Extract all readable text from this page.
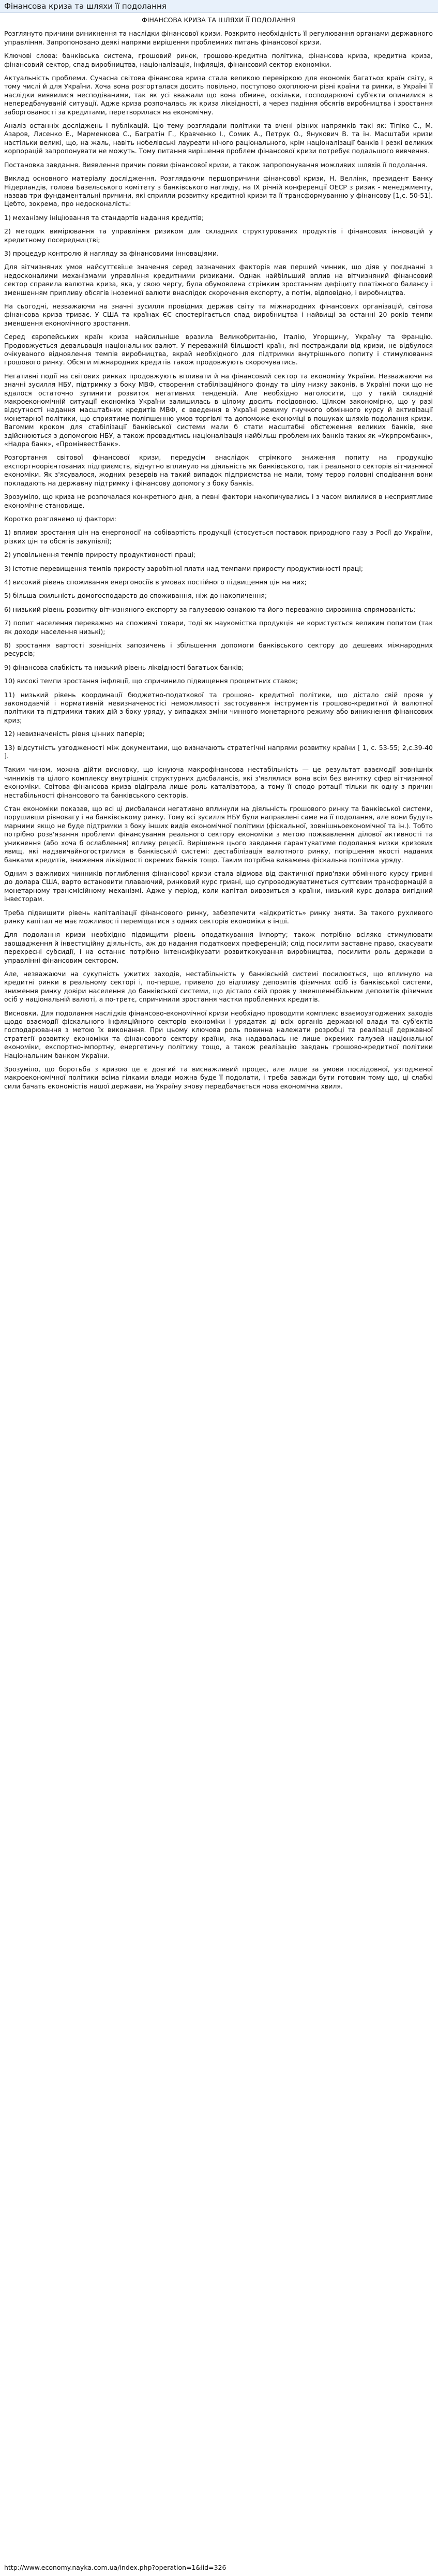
Фінансова криза та шляхи її подолання
ФІНАНСОВА КРИЗА ТА ШЛЯХИ ЇЇ ПОДОЛАННЯ

Розглянуто причини виникнення та наслідки фінансової кризи. Розкрито необхідність її регулювання органами державного управління. Запропоновано деякі напрями вирішення проблемних питань фінансової кризи.

Ключові слова: банківська система, грошовий ринок, грошово-кредитна політика, фінансова криза, кредитна криза, фінансовий сектор, спад виробництва, націоналізація, інфляція, фінансовий сектор економіки.

Актуальність проблеми. Сучасна світова фінансова криза стала великою перевіркою для економік багатьох країн світу, в тому числі й для України. Хоча вона розгорталася досить повільно, поступово охоплюючи різні країни та ринки, в Україні її наслідки виявилися несподіваними, так як усі вважали що вона обмине, оскільки, господарюючі суб'єкти опинилися в непередбачуваній ситуації. Адже криза розпочалась як криза ліквідності, а через падіння обсягів виробництва і зростання заборгованості за кредитами, перетворилася на економічну.

Аналіз останніх досліджень і публікацій. Цю тему розглядали політики та вчені різних напрямків такі як: Тіпіко С., М. Азаров, Лисенко Е., Марменкова С., Багратін Г., Кравченко І., Сомик А., Петрук О., Янукович В. та ін. Масштаби кризи настільки великі, що, на жаль, навіть нобелівські лауреати нічого раціонального, крім націоналізації банків і резкі великих корпорацій запропонувати не можуть. Тому питання вирішення проблем фінансової кризи потребує подальшого вивчення.

Постановка завдання. Виявлення причин появи фінансової кризи, а також запропонування можливих шляхів її подолання.

Виклад основного матеріалу дослідження. Розглядаючи першопричини фінансової кризи, Н. Веллінк, президент Банку Нідерландів, голова Базельського комітету з банківського нагляду, на IX річній конференції ОЕСР з ризик - менеджменту, назвав три фундаментальні причини, які сприяли розвитку кредитної кризи та її трансформуванню у фінансову [1,с. 50-51]. Цебто, зокрема, про недосконалість:

1) механізму ініціювання та стандартів надання кредитів;

2) методик вимірювання та управління ризиком для складних структурованих продуктів і фінансових інновацій у кредитному посередництві;

3) процедур контролю й нагляду за фінансовими інноваціями.

Для вітчизняних умов найсуттєвіше значення серед зазначених факторів мав перший чинник, що діяв у поєднанні з недосконалими механізмами управління кредитними ризиками. Однак найбільший вплив на вітчизняний фінансовий сектор справила валютна криза, яка, у свою чергу, була обумовлена стрімким зростанням дефіциту платіжного балансу і зменшенням припливу обсягів іноземної валюти внаслідок скорочення експорту, а потім, відповідно, і виробництва.

На сьогодні, незважаючи на значні зусилля провідних держав світу та міжнародних фінансових організацій, світова фінансова криза триває. У США та країнах ЄС спостерігається спад виробництва і найвищі за останні 20 років темпи зменшення економічного зростання.

Серед європейських країн криза найсильніше вразила Великобританію, Італію, Угорщину, Україну та Францію. Продовжується девальвація національних валют. У переважній більшості країн, які постраждали від кризи, не відбулося очікуваного відновлення темпів виробництва, вкрай необхідного для підтримки внутрішнього попиту і стимулювання грошового ринку. Обсяги міжнародних кредитів також продовжують скорочуватись.

Негативні події на світових ринках продовжують впливати й на фінансовий сектор та економіку України. Незважаючи на значні зусилля НБУ, підтримку з боку МВФ, створення стабілізаційного фонду та цілу низку законів, в Україні поки що не вдалося остаточно зупинити розвиток негативних тенденцій. Але необхідно наголосити, що у такій складній макроекономічній ситуації економіка України залишилась в цілому досить посідовною. Цілком закономірно, що у разі відсутності надання масштабних кредитів МВФ, є введення в Україні режиму гнучкого обмінного курсу й активізації монетарної політики, що сприятиме поліпшенню умов торгівлі та допоможе економіці в пошуках шляхів подолання кризи. Вагомим кроком для стабілізації банківської системи мали б стати масштабні обстеження великих банків, яке здійснюються з допомогою НБУ, а також провадитись націоналізація найбільш проблемних банків таких як «Укрпромбанк», «Надра банк», «Промінвестбанк».

Розгортання світової фінансової кризи, передусім внаслідок стрімкого зниження попиту на продукцію експортноорієнтованих підприємств, відчутно вплинуло на діяльність як банківського, так і реального секторів вітчизняної економіки. Як з'ясувалося, жодних резервів на такий випадок підприємства не мали, тому терор головні сподівання вони покладають на державну підтримку і фінансову допомогу з боку банків.

Зрозуміло, що криза не розпочалася конкретного дня, а певні фактори накопичувались і з часом вилилися в несприятливе економічне становище.

Коротко розглянемо ці фактори:

1) впливи зростання цін на енергоносії на собівартість продукції (стосується поставок природного газу з Росії до України, різких цін та обсягів закупівлі);

2) уповільнення темпів приросту продуктивності праці;

3) істотне перевищення темпів приросту заробітної плати над темпами приросту продуктивності праці;

4) високий рівень споживання енергоносіїв в умовах постійного підвищення цін на них;

5) більша схильність домогосподарств до споживання, ніж до накопичення;

6) низький рівень розвитку вітчизняного експорту за галузевою ознакою та його переважно сировинна спрямованість;

7) попит населення переважно на споживчі товари, тоді як наукомістка продукція не користується великим попитом (так як доходи населення низькі);

8) зростання вартості зовнішніх запозичень і збільшення допомоги банківського сектору до дешевих міжнародних ресурсів;

9) фінансова слабкість та низький рівень ліквідності багатьох банків;

10) високі темпи зростання інфляції, що спричинило підвищення процентних ставок;

11) низький рівень координації бюджетно-податкової та грошово- кредитної політики, що дістало свій прояв у законодавчій і нормативній невизначеностісі неможливості застосування інструментів грошово-кредитної й валютної політики та підтримки таких дій з боку уряду, у випадках зміни чинного монетарного режиму або виникнення фінансових криз;

12) невизначеність рівня цінних паперів;

13) відсутність узгодженості між документами, що визначають стратегічні напрями розвитку країни [ 1, с. 53-55; 2,с.39-40 ].

Таким чином, можна дійти висновку, що існуюча макрофінансова нестабільність — це результат взаємодії зовнішніх чинників та цілого комплексу внутрішніх структурних дисбалансів, які з'являлися вона всім без винятку сфер вітчизняної економіки. Світова фінансова криза відіграла лише роль каталізатора, а тому її сподо ротації тільки як одну з причин нестабільності фінансового та банківського секторів.

Стан економіки показав, що всі ці дисбаланси негативно вплинули на діяльність грошового ринку та банківської системи, порушивши рівновагу і на банківському ринку. Тому всі зусилля НБУ були направлені саме на її подолання, але вони будуть марними якщо не буде підтримки з боку інших видів економічної політики (фіскальної, зовнішньоекономічної та ін.). Тобто потрібно розв'язання проблеми фінансування реального сектору економіки з метою пожвавлення ділової активності та уникнення (або хоча б ослаблення) впливу рецесії. Вирішення цього завдання гарантуватиме подолання низки кризових явищ, які надзвичайногострилися в банківській системі: дестабілізація валютного ринку, погіршення якості наданих банками кредитів, зниження ліквідності окремих банків тощо. Таким потрібна виважена фіскальна політика уряду.

Одним з важливих чинників поглиблення фінансової кризи стала відмова від фактичної прив'язки обмінного курсу гривні до долара США, варто встановити плаваючий, ринковий курс гривні, що супроводжуватиметься суттєвим трансформацій в монетарному трансмісійному механізмі. Адже у період, коли капітал вивозиться з країни, низький курс долара вигідний інвесторам.

Треба підвищити рівень капіталізації фінансового ринку, забезпечити «відкритість» ринку зняти. За такого рухливого ринку капітал не має можливості переміщатися з одних секторів економіки в інші.

Для подолання кризи необхідно підвищити рівень оподаткування імпорту; також потрібно всіляко стимулювати заощадження й інвестиційну діяльність, аж до надання податкових преференцій; слід посилити заставне право, скасувати перехресні субсидії, і на останнє потрібно інтенсифікувати розвиткокування виробництва, посилити роль держави в управлінні фінансовим сектором.

Але, незважаючи на сукупність ужитих заходів, нестабільність у банківській системі посилюється, що вплинуло на кредитні ринки в реальному секторі і, по-перше, привело до відпливу депозитів фізичних осіб із банківської системи, зниження ринку довіри населення до банківської системи, що дістало свій прояв у зменшеннібільним депозитів фізичних осіб у національній валюті, а по-третє, спричинили зростання частки проблемних кредитів.

Висновки. Для подолання наслідків фінансово-економічної кризи необхідно проводити комплекс взаємоузгоджених заходів щодо взаємодії фіскального інфляційного секторів економіки і урядатак ді всіх органів державної влади та суб'єктів господарювання з метою їх виконання. При цьому ключова роль повинна належати розробці та реалізації державної стратегії розвитку економіки та фінансового сектору країни, яка надавалась не лише окремих галузей національної економіки, експортно-імпортну, енергетичну політику тощо, а також реалізацію завдань грошово-кредитної політики Національним банком України.

Зрозуміло, що боротьба з кризою це є довгий та виснажливий процес, але лише за умови послідовної, узгодженої макроекономічної політики всіма гілками влади можна буде її подолати, і треба завжди бути готовим тому що, ці слабкі сили бачать економістів нашої держави, на Україну знову передбачається нова економічна хвиля.

http://www.economy.nayka.com.ua/index.php?operation=1&iid=326
